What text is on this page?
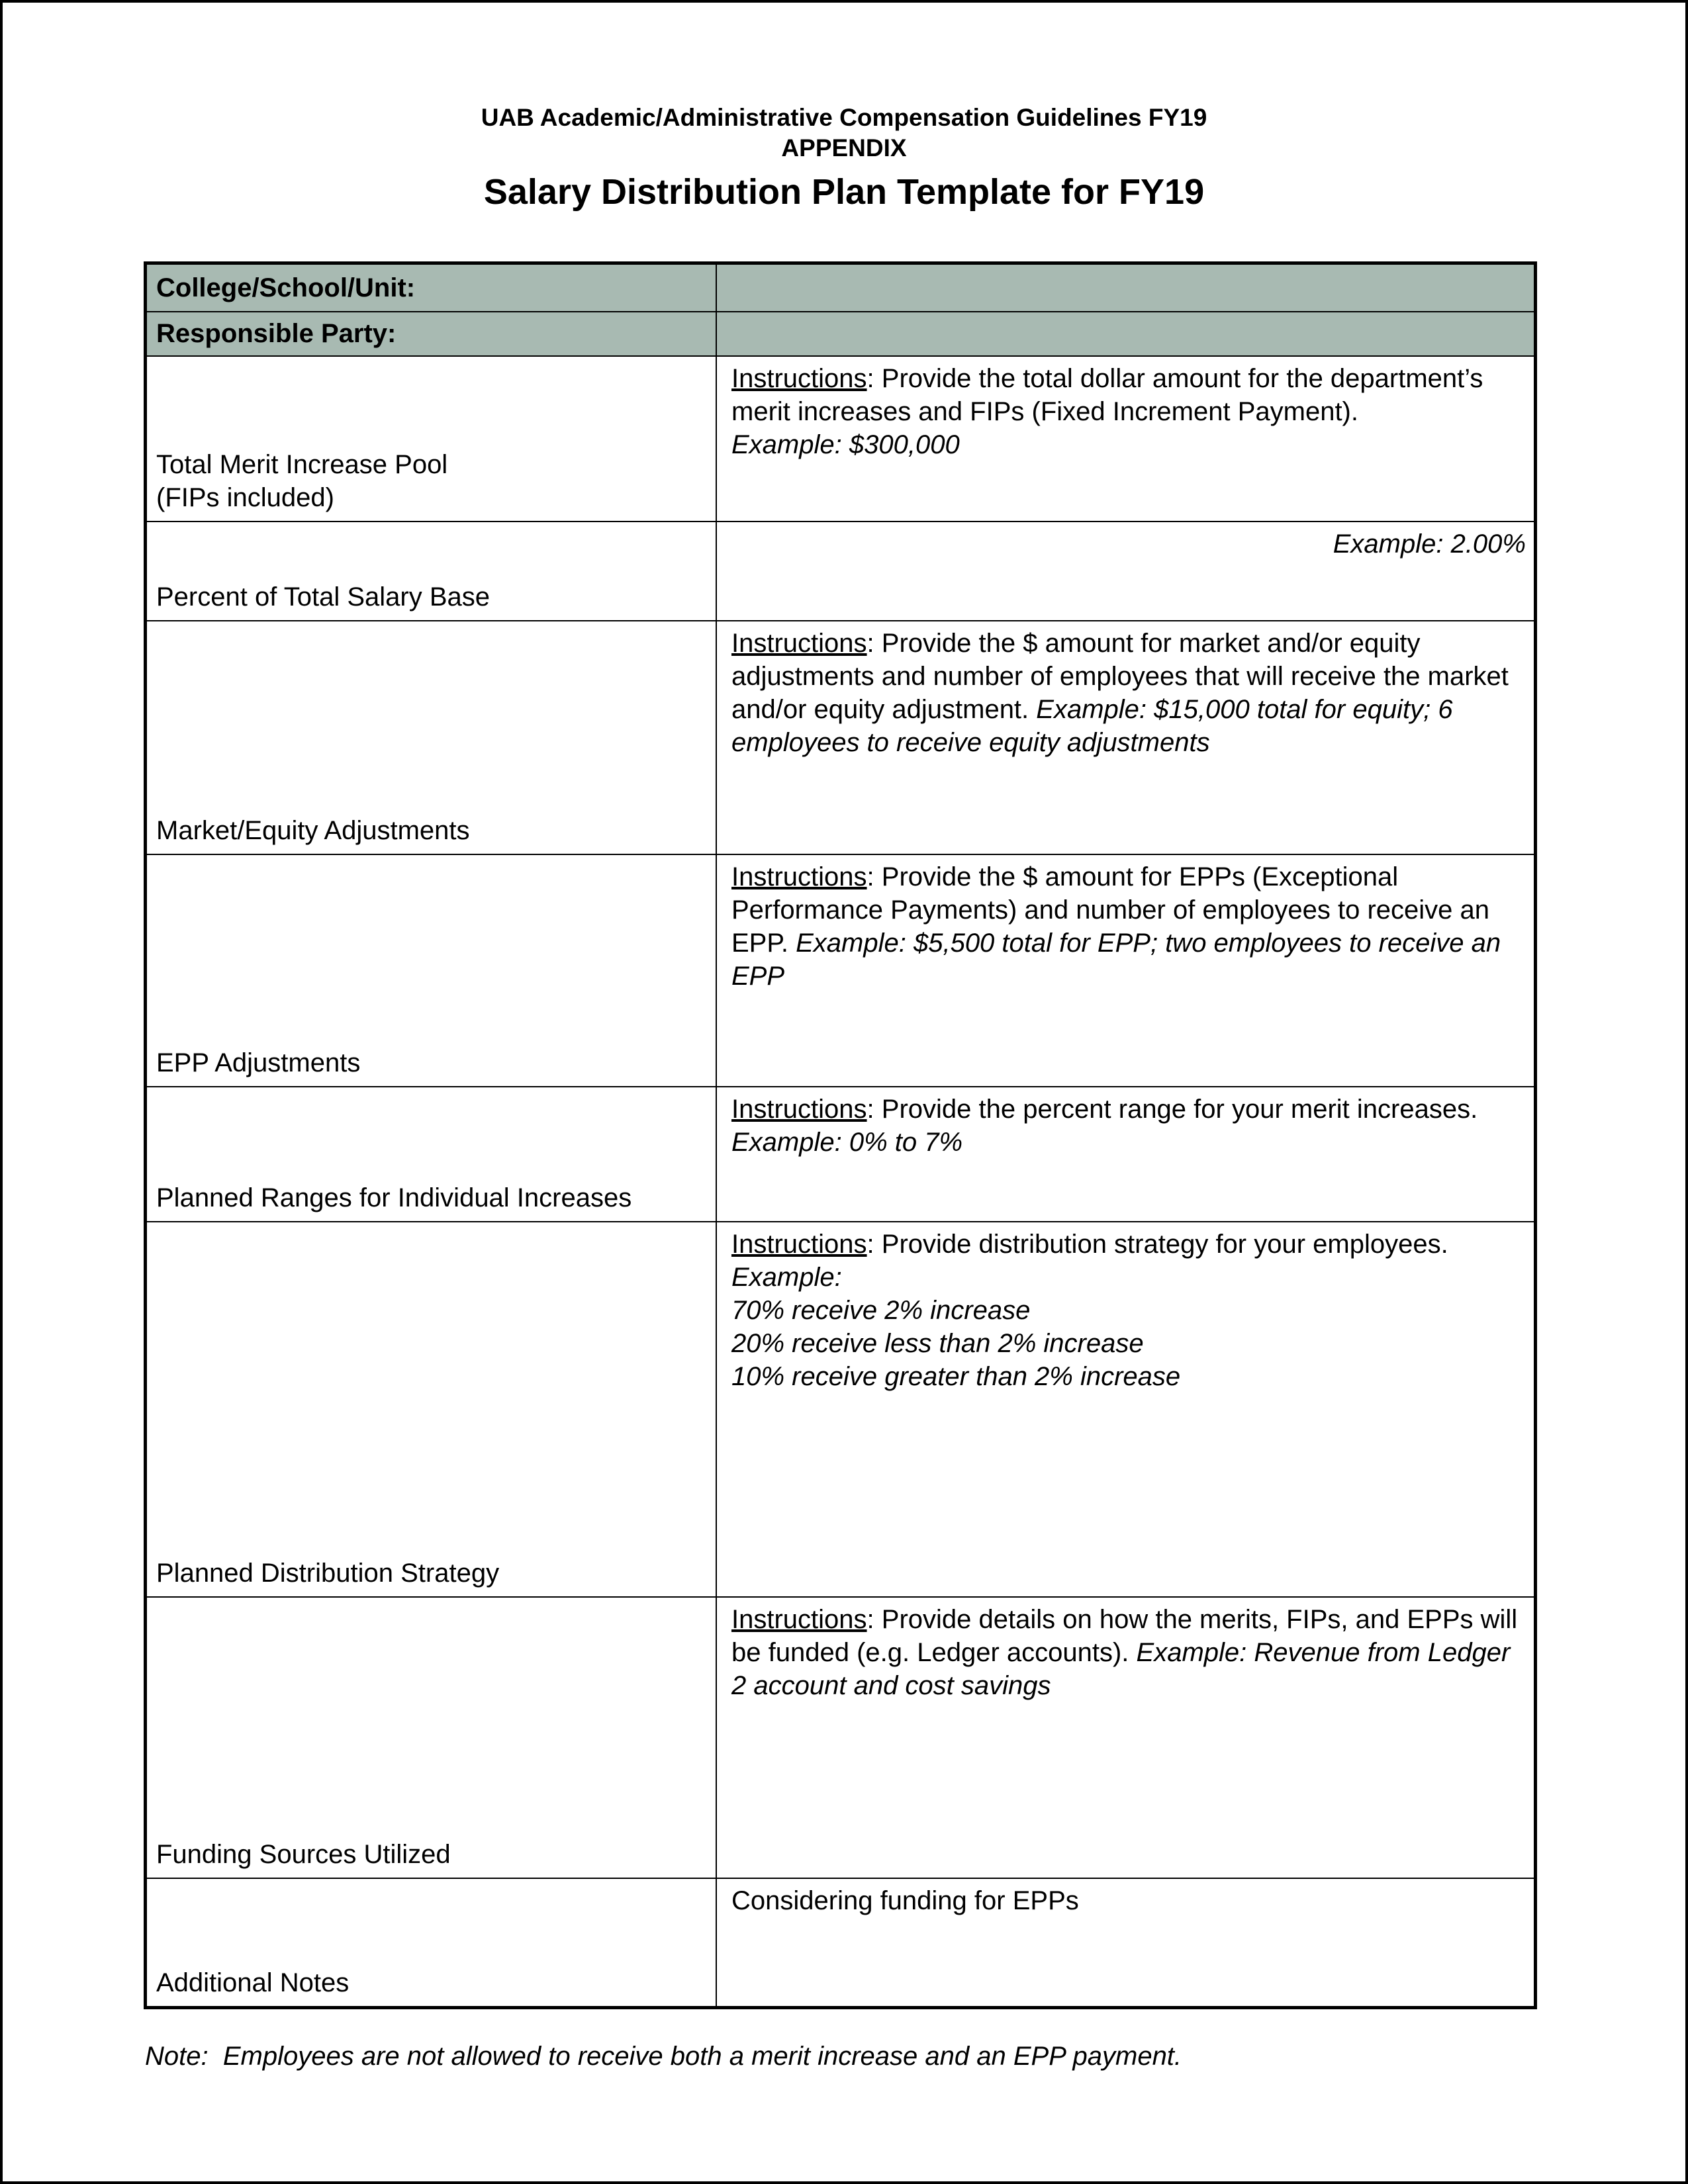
UAB Academic/Administrative Compensation Guidelines FY19
APPENDIX
Salary Distribution Plan Template for FY19
College/School/Unit:	
Responsible Party:	

Total Merit Increase Pool
(FIPs included)	Instructions: Provide the total dollar amount for the department’s merit increases and FIPs (Fixed Increment Payment).
Example: $300,000

Percent of Total Salary Base	Example: 2.00%
Market/Equity Adjustments	Instructions: Provide the $ amount for market and/or equity adjustments and number of employees that will receive the market and/or equity adjustment. Example: $15,000 total for equity; 6 employees to receive equity adjustments
EPP Adjustments	Instructions: Provide the $ amount for EPPs (Exceptional Performance Payments) and number of employees to receive an EPP. Example: $5,500 total for EPP; two employees to receive an EPP
Planned Ranges for Individual Increases	Instructions: Provide the percent range for your merit increases.
Example: 0% to 7%

Planned Distribution Strategy	Instructions: Provide distribution strategy for your employees.
Example:
70% receive 2% increase
20% receive less than 2% increase
10% receive greater than 2% increase

Funding Sources Utilized	Instructions: Provide details on how the merits, FIPs, and EPPs will be funded (e.g. Ledger accounts). Example: Revenue from Ledger 2 account and cost savings
Additional Notes	Considering funding for EPPs
Note:  Employees are not allowed to receive both a merit increase and an EPP payment.
